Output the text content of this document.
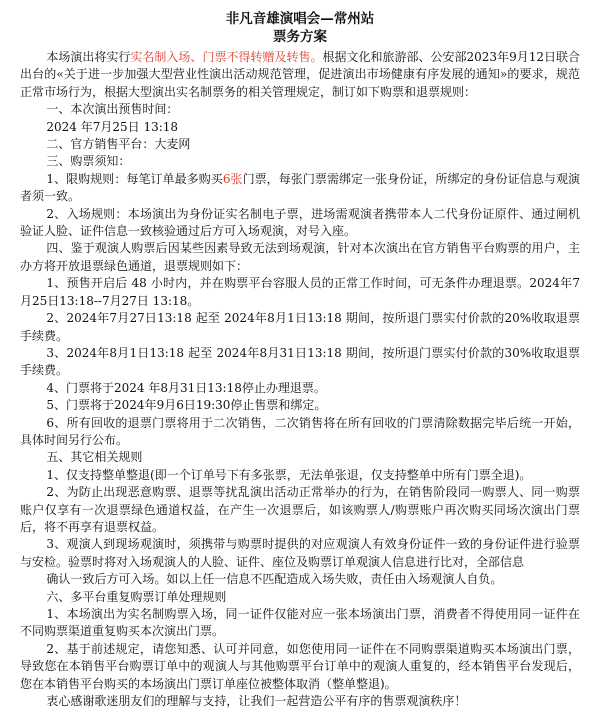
非凡音雄演唱会—常州站

票务方案

本场演出将实行实名制入场、门票不得转赠及转售。根据文化和旅游部、公安部2023年9月12日联合出台的«关于进一步加强大型营业性演出活动规范管理，促进演出市场健康有序发展的通知»的要求，规范正常市场行为，根据大型演出实名制票务的相关管理规定，制订如下购票和退票规则：

一、本次演出预售时间：

2024 年7月25日 13:18

二、官方销售平台：大麦网

三、购票须知：

1、限购规则：每笔订单最多购买6张门票，每张门票需绑定一张身份证，所绑定的身份证信息与观演者须一致。

2、入场规则：本场演出为身份证实名制电子票，进场需观演者携带本人二代身份证原件、通过闸机验证人脸、证件信息一致核验通过后方可入场观演，对号入座。

四、鉴于观演人购票后因某些因素导致无法到场观演，针对本次演出在官方销售平台购票的用户，主办方将开放退票绿色通道，退票规则如下：

1、预售开启后 48 小时内，并在购票平台容服人员的正常工作时间，可无条件办理退票。2024年7月25日13:18--7月27日 13:18。

2、2024年7月27日13:18 起至 2024年8月1日13:18 期间，按所退门票实付价款的20%收取退票手续费。

3、2024年8月1日13:18 起至 2024年8月31日13:18 期间，按所退门票实付价款的30%收取退票手续费。

4、门票将于2024 年8月31日13:18停止办理退票。

5、门票将于2024年9月6日19:30停止售票和绑定。

6、所有回收的退票门票将用于二次销售，二次销售将在所有回收的门票清除数据完毕后统一开始，具体时间另行公布。

五、其它相关规则

1、仅支持整单整退(即一个订单号下有多张票，无法单张退，仅支持整单中所有门票全退)。

2、为防止出现恶意购票、退票等扰乱演出活动正常举办的行为，在销售阶段同一购票人、同一购票账户仅享有一次退票绿色通道权益，在产生一次退票后，如该购票人/购票账户再次购买同场次演出门票后，将不再享有退票权益。

3、观演人到现场观演时，须携带与购票时提供的对应观演人有效身份证件一致的身份证件进行验票与安检。验票时将对入场观演人的人脸、证件、座位及购票订单观演人信息进行比对，全部信息

确认一致后方可入场。如以上任一信息不匹配造成入场失败，责任由入场观演人自负。

六、多平台重复购票订单处理规则

1、本场演出为实名制购票入场，同一证件仅能对应一张本场演出门票，消费者不得使用同一证件在不同购票渠道重复购买本次演出门票。

2、基于前述规定，请您知悉、认可并同意，如您使用同一证件在不同购票渠道购买本场演出门票，导致您在本销售平台购票订单中的观演人与其他购票平台订单中的观演人重复的，经本销售平台发现后，您在本销售平台购买的本场演出门票订单座位被整体取消（整单整退)。

衷心感谢歌迷朋友们的理解与支持，让我们一起营造公平有序的售票观演秩序！
